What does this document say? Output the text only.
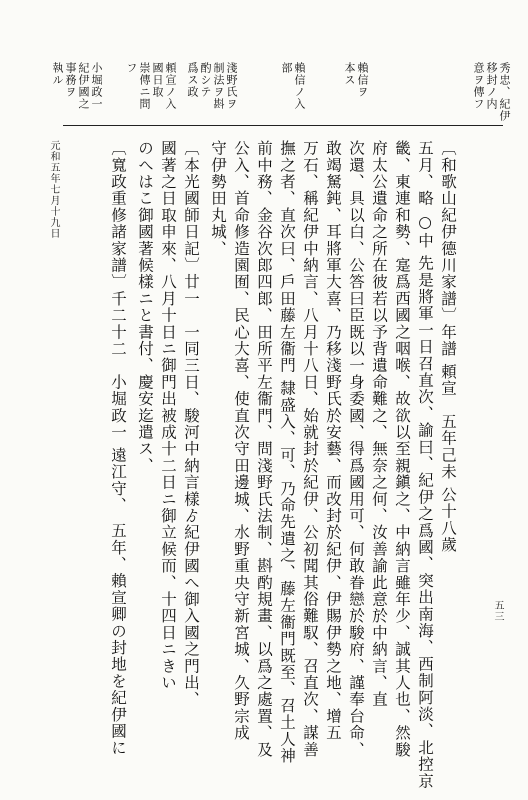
秀忠、紀伊
移封ノ内
意ヲ傳フ
賴信ヲ
本ス
賴信ノ入
部
淺野氏ヲ
制法ヲ斟
酌シテ
爲ス政
頼宣ノ入
國日取
崇傳ニ問
フ
小堀政一
紀伊國之
事務ヲ
執ル
〔和歌山紀伊德川家譜〕年譜 頼宣　五年己未 公十八歲
五月、略 ○中 先是將軍一日召直次、諭曰、紀伊之爲國、突出南海、西制阿淡、北控京
畿、東連和勢、寔爲西國之咽喉、故欲以至親鎭之、中納言雖年少、誠其人也、然駿
府太公遺命之所在彼若以予背遺命難之、無奈之何、汝善諭此意於中納言、直
次還、具以白、公答曰臣既以一身委國、得爲國用可、何敢眷戀於駿府、謹奉台命、
敢竭駑鈍、耳將軍大喜、乃移淺野氏於安藝、而改封於紀伊、伊賜伊勢之地、增五
万石、稱紀伊中納言、八月十八日、始就封於紀伊、公初聞其俗難馭、召直次、謀善
撫之者、直次曰、戶田藤左衞門 隸盛入、可、乃命先遣之、藤左衞門既至、召土人神
前中務、金谷次郎四郎、田所平左衞門、問淺野氏法制、斟酌規畫、以爲之處置、及
公入、首命修造園囿、民心大喜、使直次守田邊城、水野重央守新宮城、久野宗成
守伊勢田丸城、
〔本光國師日記〕廿一　一同三日、駿河中納言樣ゟ紀伊國へ御入國之門出、
國著之日取申來、八月十日ニ御門出被成十二日ニ御立候而、十四日ニきい
のへはこ御國著候樣ニと書付、慶安迄遣ス、
〔寬政重修諸家譜〕千二十二　小堀政一 遠江守、　五年、賴宣卿の封地を紀伊國に
元和五年七月十九日
五三
